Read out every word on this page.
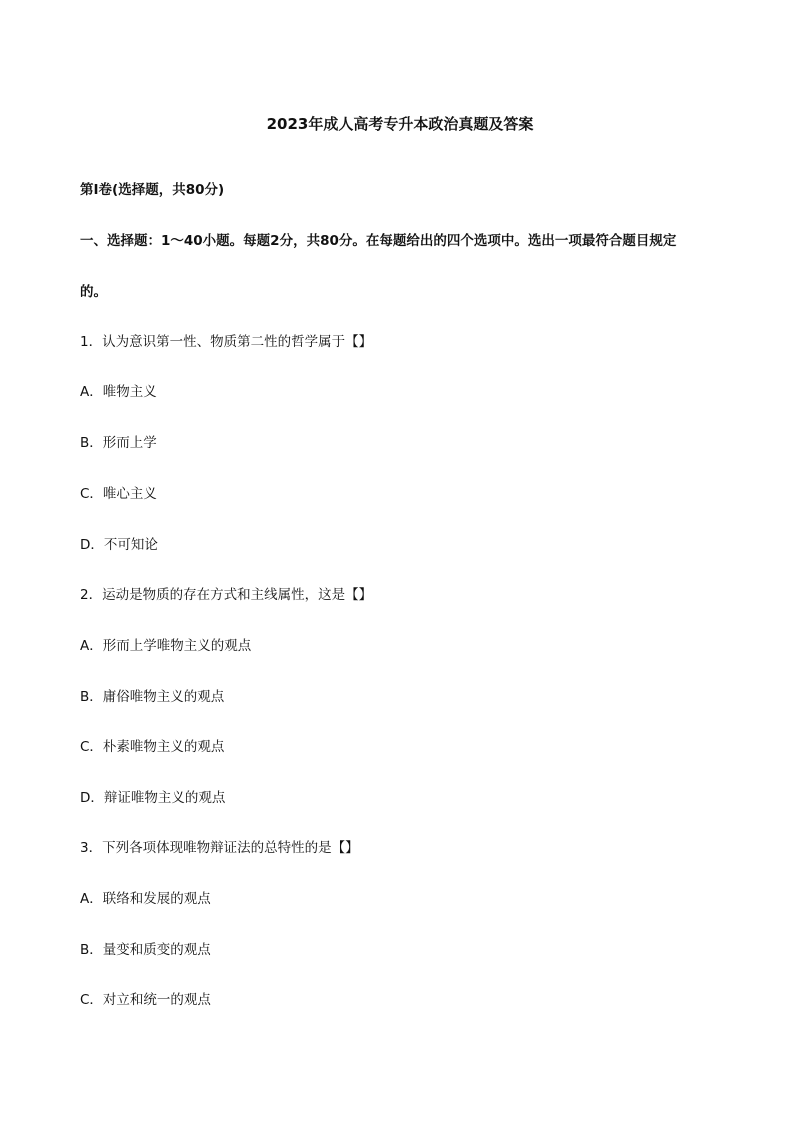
2023年成人高考专升本政治真题及答案
第Ⅰ卷(选择题，共80分)
一、选择题：1～40小题。每题2分，共80分。在每题给出的四个选项中。选出一项最符合题目规定
的。
1．认为意识第一性、物质第二性的哲学属于【】
A．唯物主义
B．形而上学
C．唯心主义
D．不可知论
2．运动是物质的存在方式和主线属性，这是【】
A．形而上学唯物主义的观点
B．庸俗唯物主义的观点
C．朴素唯物主义的观点
D．辩证唯物主义的观点
3．下列各项体现唯物辩证法的总特性的是【】
A．联络和发展的观点
B．量变和质变的观点
C．对立和统一的观点
